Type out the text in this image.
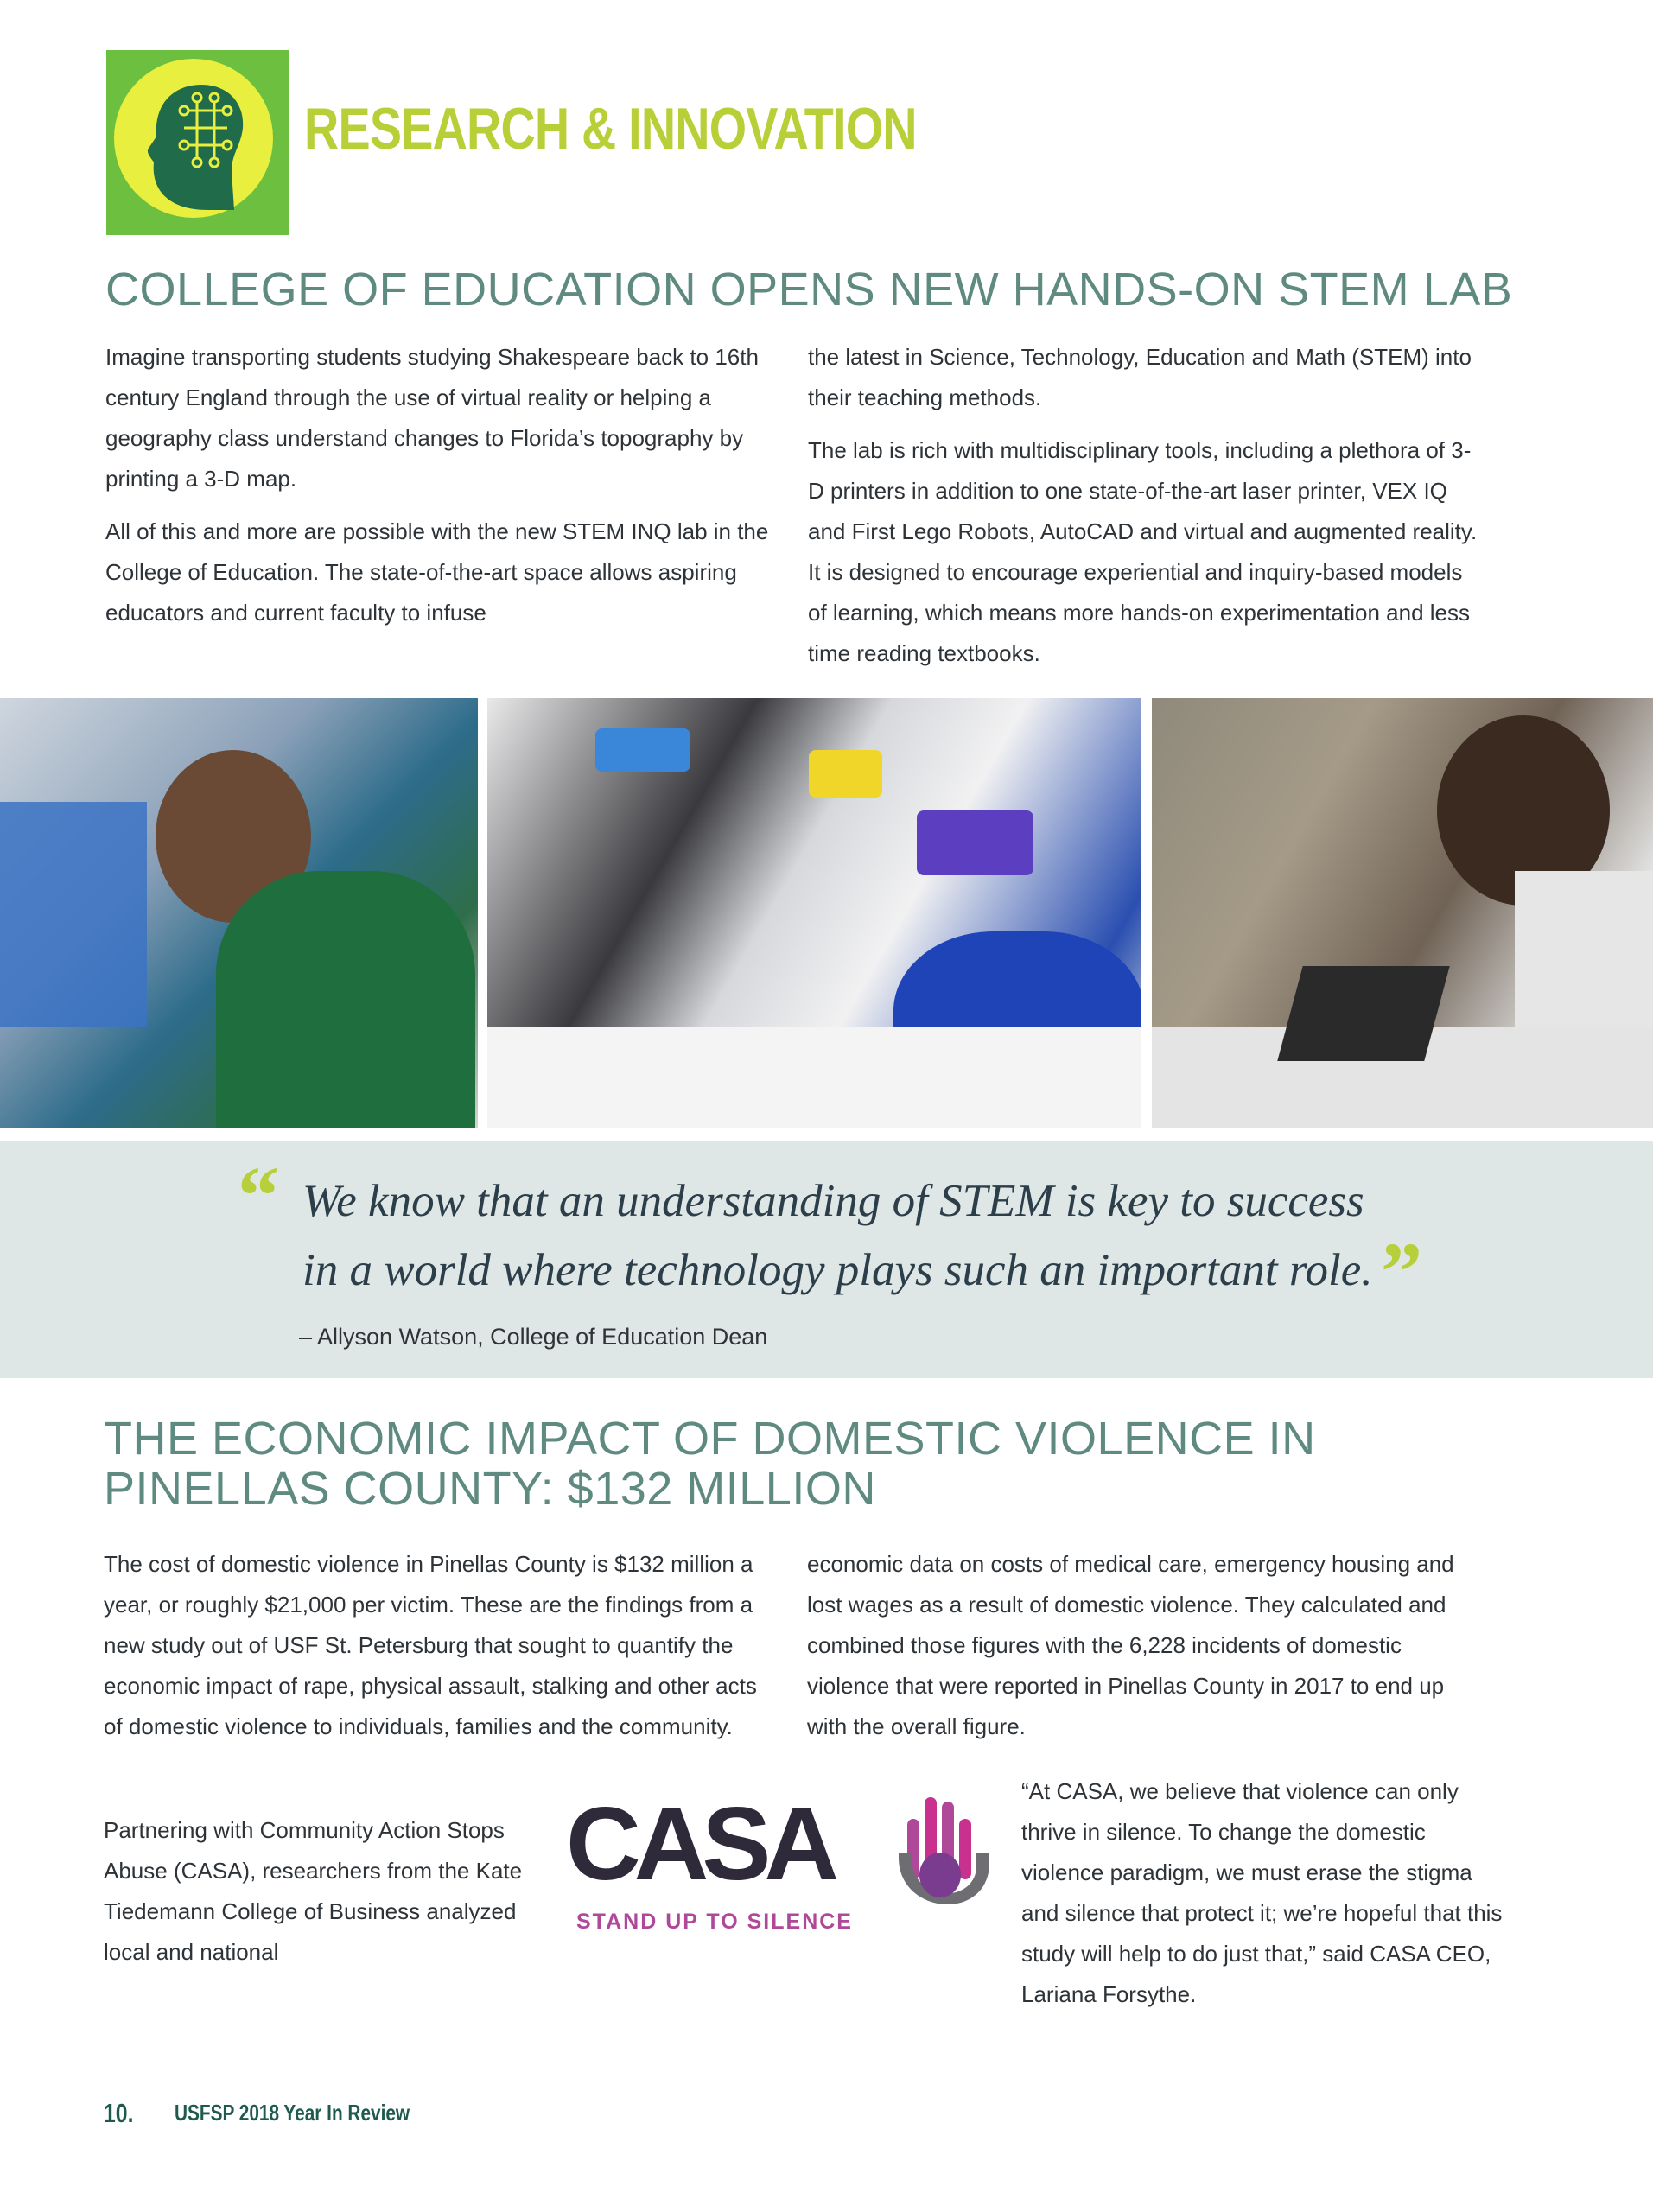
RESEARCH & INNOVATION
COLLEGE OF EDUCATION OPENS NEW HANDS-ON STEM LAB

Imagine transporting students studying Shakespeare back to 16th century England through the use of virtual reality or helping a geography class understand changes to Florida’s topography by printing a 3-D map.

All of this and more are possible with the new STEM INQ lab in the College of Education. The state-of-the-art space allows aspiring educators and current faculty to infuse

the latest in Science, Technology, Education and Math (STEM) into their teaching methods.

The lab is rich with multidisciplinary tools, including a plethora of 3-D printers in addition to one state-of-the-art laser printer, VEX IQ and First Lego Robots, AutoCAD and virtual and augmented reality. It is designed to encourage experiential and inquiry-based models of learning, which means more hands-on experimentation and less time reading textbooks.

“ We know that an understanding of STEM is key to success
in a world where technology plays such an important role. ”
– Allyson Watson, College of Education Dean
THE ECONOMIC IMPACT OF DOMESTIC VIOLENCE IN
PINELLAS COUNTY: $132 MILLION

The cost of domestic violence in Pinellas County is $132 million a year, or roughly $21,000 per victim. These are the findings from a new study out of USF St. Petersburg that sought to quantify the economic impact of rape, physical assault, stalking and other acts of domestic violence to individuals, families and the community.

economic data on costs of medical care, emergency housing and lost wages as a result of domestic violence. They calculated and combined those figures with the 6,228 incidents of domestic violence that were reported in Pinellas County in 2017 to end up with the overall figure.

Partnering with Community Action Stops Abuse (CASA), researchers from the Kate Tiedemann College of Business analyzed local and national
“At CASA, we believe that violence can only thrive in silence. To change the domestic violence paradigm, we must erase the stigma and silence that protect it; we’re hopeful that this study will help to do just that,” said CASA CEO, Lariana Forsythe.
CASA
STAND UP TO SILENCE
10. USFSP 2018 Year In Review
